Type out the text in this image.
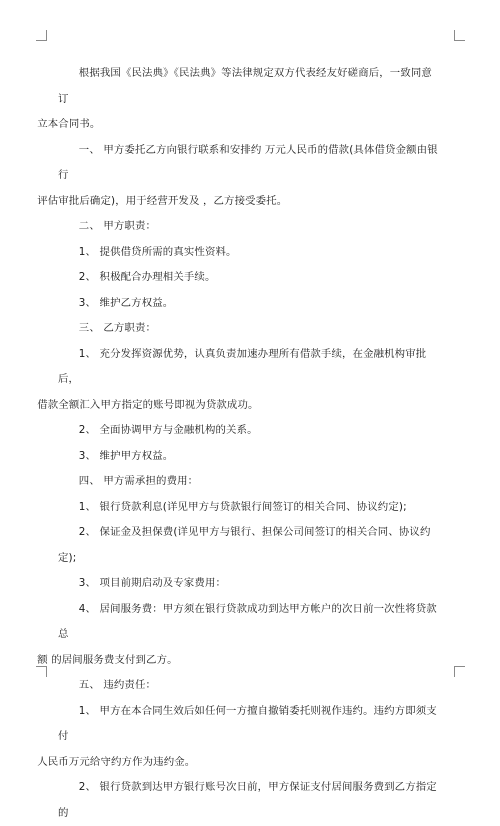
根据我国《民法典》《民法典》等法律规定双方代表经友好磋商后，一致同意订
立本合同书。

一、 甲方委托乙方向银行联系和安排约 万元人民币的借款(具体借贷金额由银行
评估审批后确定)，用于经营开发及 ，乙方接受委托。

二、 甲方职责：

1、 提供借贷所需的真实性资料。

2、 积极配合办理相关手续。

3、 维护乙方权益。

三、 乙方职责：

1、 充分发挥资源优势，认真负责加速办理所有借款手续，在金融机构审批后，
借款全额汇入甲方指定的账号即视为贷款成功。

2、 全面协调甲方与金融机构的关系。

3、 维护甲方权益。

四、 甲方需承担的费用：

1、 银行贷款利息(详见甲方与贷款银行间签订的相关合同、协议约定);

2、 保证金及担保费(详见甲方与银行、担保公司间签订的相关合同、协议约定);

3、 项目前期启动及专家费用：

4、 居间服务费：甲方须在银行贷款成功到达甲方帐户的次日前一次性将贷款总
额 的居间服务费支付到乙方。

五、 违约责任：

1、 甲方在本合同生效后如任何一方擅自撤销委托则视作违约。违约方即须支付
人民币万元给守约方作为违约金。

2、 银行贷款到达甲方银行账号次日前，甲方保证支付居间服务费到乙方指定的
